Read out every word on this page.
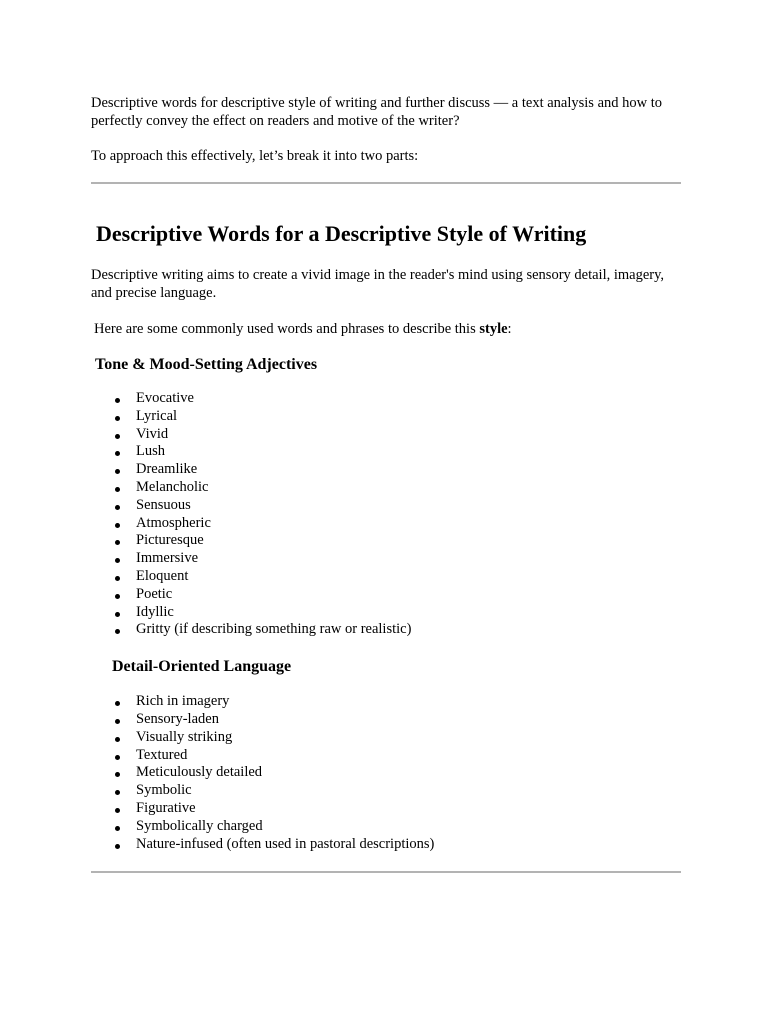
Descriptive words for descriptive style of writing and further discuss — a text analysis and how to perfectly convey the effect on readers and motive of the writer?

To approach this effectively, let’s break it into two parts:

Descriptive Words for a Descriptive Style of Writing

Descriptive writing aims to create a vivid image in the reader's mind using sensory detail, imagery, and precise language.

Here are some commonly used words and phrases to describe this style:

Tone & Mood-Setting Adjectives
Evocative
Lyrical
Vivid
Lush
Dreamlike
Melancholic
Sensuous
Atmospheric
Picturesque
Immersive
Eloquent
Poetic
Idyllic
Gritty (if describing something raw or realistic)
Detail-Oriented Language
Rich in imagery
Sensory-laden
Visually striking
Textured
Meticulously detailed
Symbolic
Figurative
Symbolically charged
Nature-infused (often used in pastoral descriptions)
